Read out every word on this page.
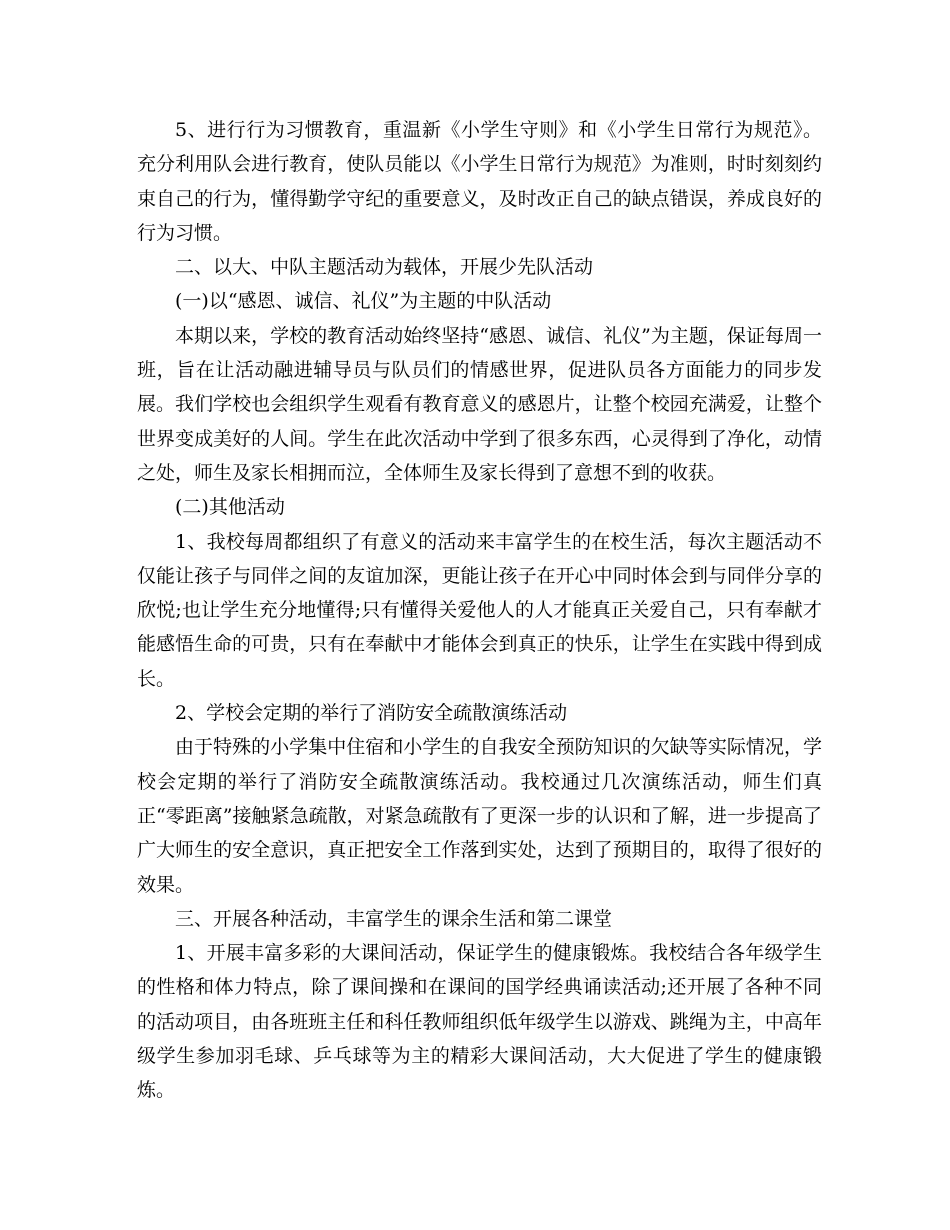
5、进行行为习惯教育，重温新《小学生守则》和《小学生日常行为规范》。充分利用队会进行教育，使队员能以《小学生日常行为规范》为准则，时时刻刻约束自己的行为，懂得勤学守纪的重要意义，及时改正自己的缺点错误，养成良好的行为习惯。

二、以大、中队主题活动为载体，开展少先队活动

(一)以“感恩、诚信、礼仪”为主题的中队活动

本期以来，学校的教育活动始终坚持“感恩、诚信、礼仪”为主题，保证每周一班，旨在让活动融进辅导员与队员们的情感世界，促进队员各方面能力的同步发展。我们学校也会组织学生观看有教育意义的感恩片，让整个校园充满爱，让整个世界变成美好的人间。学生在此次活动中学到了很多东西，心灵得到了净化，动情之处，师生及家长相拥而泣，全体师生及家长得到了意想不到的收获。

(二)其他活动

1、我校每周都组织了有意义的活动来丰富学生的在校生活，每次主题活动不仅能让孩子与同伴之间的友谊加深，更能让孩子在开心中同时体会到与同伴分享的欣悦;也让学生充分地懂得;只有懂得关爱他人的人才能真正关爱自己，只有奉献才能感悟生命的可贵，只有在奉献中才能体会到真正的快乐，让学生在实践中得到成长。

2、学校会定期的举行了消防安全疏散演练活动

由于特殊的小学集中住宿和小学生的自我安全预防知识的欠缺等实际情况，学校会定期的举行了消防安全疏散演练活动。我校通过几次演练活动，师生们真正“零距离”接触紧急疏散，对紧急疏散有了更深一步的认识和了解，进一步提高了广大师生的安全意识，真正把安全工作落到实处，达到了预期目的，取得了很好的效果。

三、开展各种活动，丰富学生的课余生活和第二课堂

1、开展丰富多彩的大课间活动，保证学生的健康锻炼。我校结合各年级学生的性格和体力特点，除了课间操和在课间的国学经典诵读活动;还开展了各种不同的活动项目，由各班班主任和科任教师组织低年级学生以游戏、跳绳为主，中高年级学生参加羽毛球、乒乓球等为主的精彩大课间活动，大大促进了学生的健康锻炼。
